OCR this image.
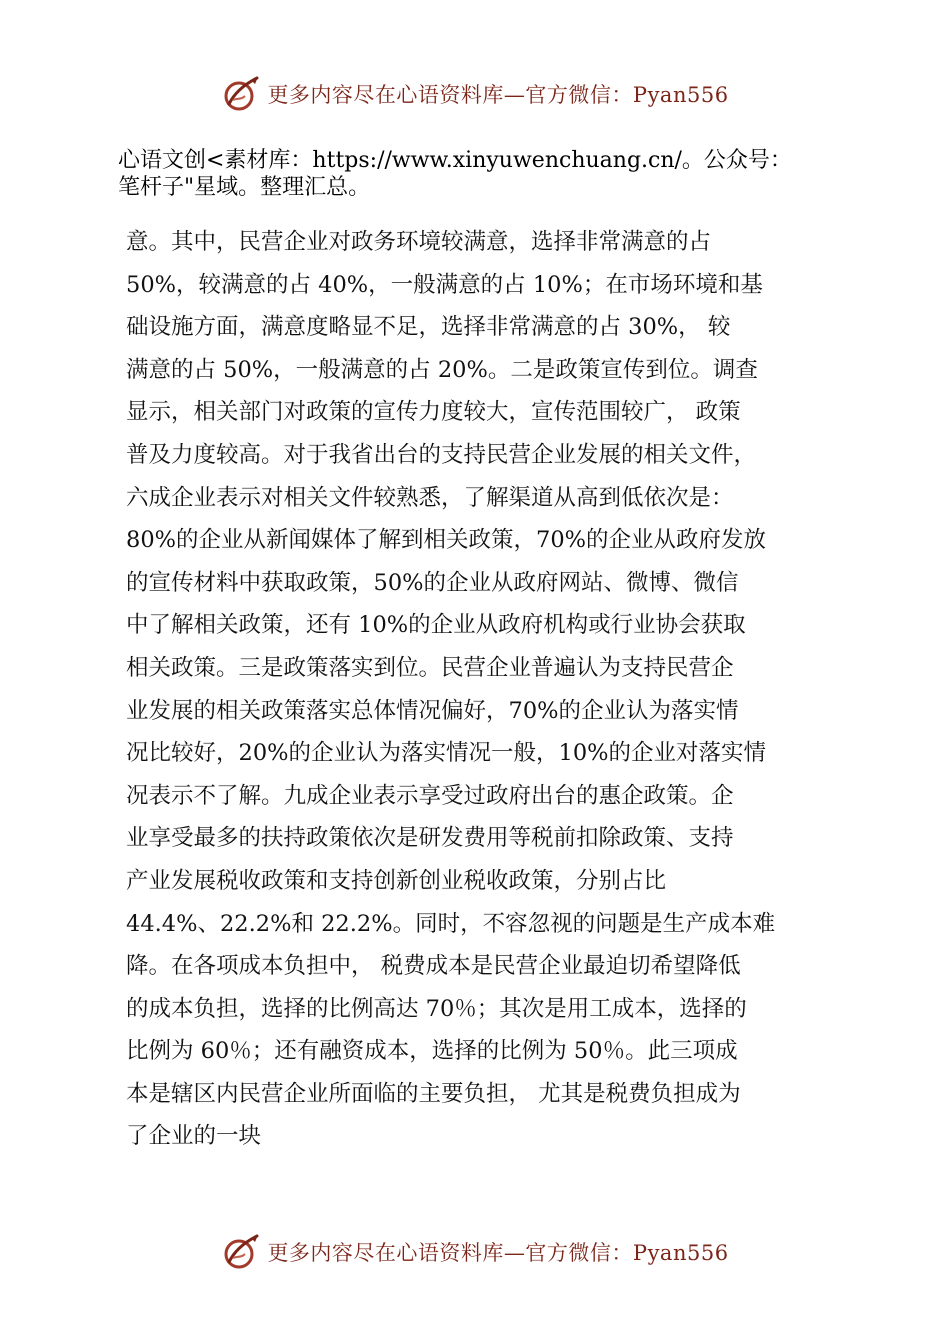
更多内容尽在心语资料库—官方微信：Pyan556
心语文创<素材库：https://www.xinyuwenchuang.cn/。公众号：
笔杆子"星域。整理汇总。
意。其中，民营企业对政务环境较满意，选择非常满意的占
50%，较满意的占 40%，一般满意的占 10%；在市场环境和基
础设施方面，满意度略显不足，选择非常满意的占 30%， 较
满意的占 50%，一般满意的占 20%。二是政策宣传到位。调查
显示，相关部门对政策的宣传力度较大，宣传范围较广， 政策
普及力度较高。对于我省出台的支持民营企业发展的相关文件，
六成企业表示对相关文件较熟悉，了解渠道从高到低依次是：
80%的企业从新闻媒体了解到相关政策，70%的企业从政府发放
的宣传材料中获取政策，50%的企业从政府网站、微博、微信
中了解相关政策，还有 10%的企业从政府机构或行业协会获取
相关政策。三是政策落实到位。民营企业普遍认为支持民营企
业发展的相关政策落实总体情况偏好，70%的企业认为落实情
况比较好，20%的企业认为落实情况一般，10%的企业对落实情
况表示不了解。九成企业表示享受过政府出台的惠企政策。企
业享受最多的扶持政策依次是研发费用等税前扣除政策、支持
产业发展税收政策和支持创新创业税收政策，分别占比
44.4%、22.2%和 22.2%。同时，不容忽视的问题是生产成本难
降。在各项成本负担中， 税费成本是民营企业最迫切希望降低
的成本负担，选择的比例高达 70％；其次是用工成本，选择的
比例为 60％；还有融资成本，选择的比例为 50％。此三项成
本是辖区内民营企业所面临的主要负担， 尤其是税费负担成为
了企业的一块
更多内容尽在心语资料库—官方微信：Pyan556
